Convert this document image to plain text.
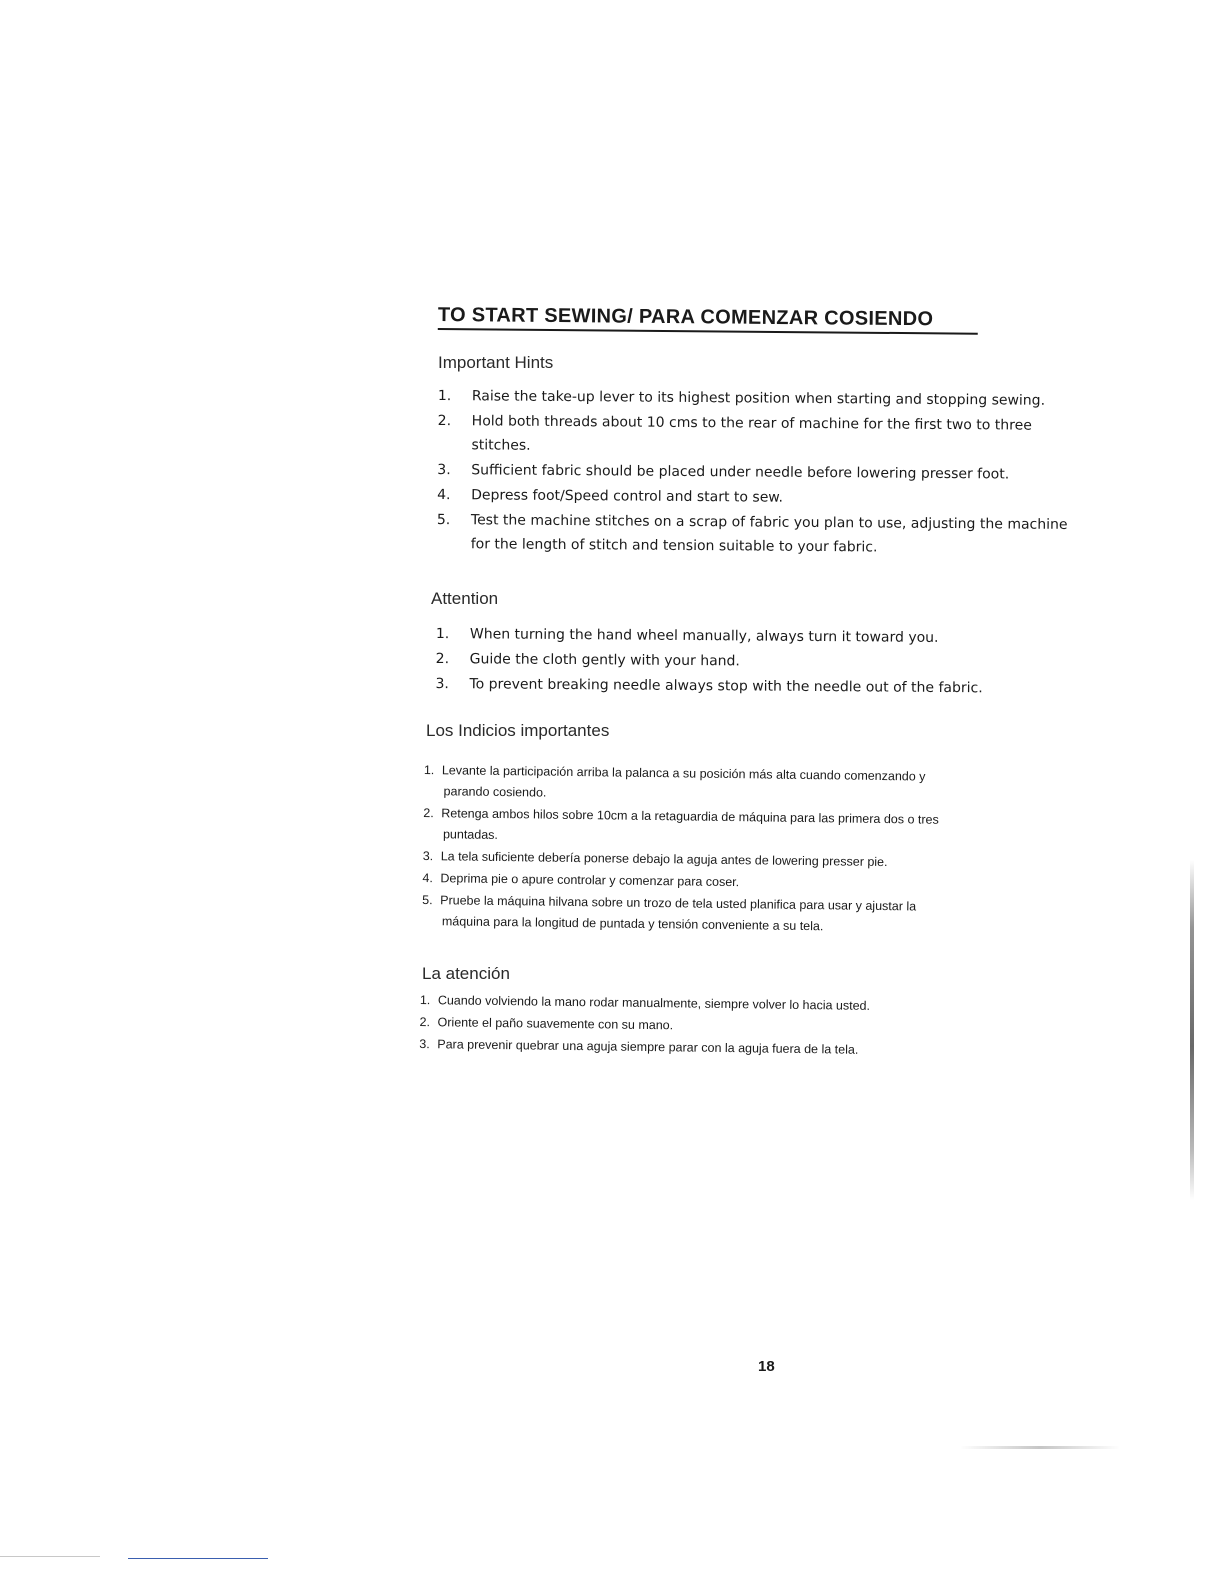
TO START SEWING/ PARA COMENZAR COSIENDO
Important Hints
1. Raise the take-up lever to its highest position when starting and stopping sewing.
2. Hold both threads about 10 cms to the rear of machine for the first two to three stitches.
3. Sufficient fabric should be placed under needle before lowering presser foot.
4. Depress foot/Speed control and start to sew.
5. Test the machine stitches on a scrap of fabric you plan to use, adjusting the machine for the length of stitch and tension suitable to your fabric.
Attention
1. When turning the hand wheel manually, always turn it toward you.
2. Guide the cloth gently with your hand.
3. To prevent breaking needle always stop with the needle out of the fabric.
Los Indicios importantes
1. Levante la participación arriba la palanca a su posición más alta cuando comenzando y
parando cosiendo.
2. Retenga ambos hilos sobre 10cm a la retaguardia de máquina para las primera dos o tres
puntadas.
3. La tela suficiente debería ponerse debajo la aguja antes de lowering presser pie.
4. Deprima pie o apure controlar y comenzar para coser.
5. Pruebe la máquina hilvana sobre un trozo de tela usted planifica para usar y ajustar la
máquina para la longitud de puntada y tensión conveniente a su tela.
La atención
1. Cuando volviendo la mano rodar manualmente, siempre volver lo hacia usted.
2. Oriente el paño suavemente con su mano.
3. Para prevenir quebrar una aguja siempre parar con la aguja fuera de la tela.
18
